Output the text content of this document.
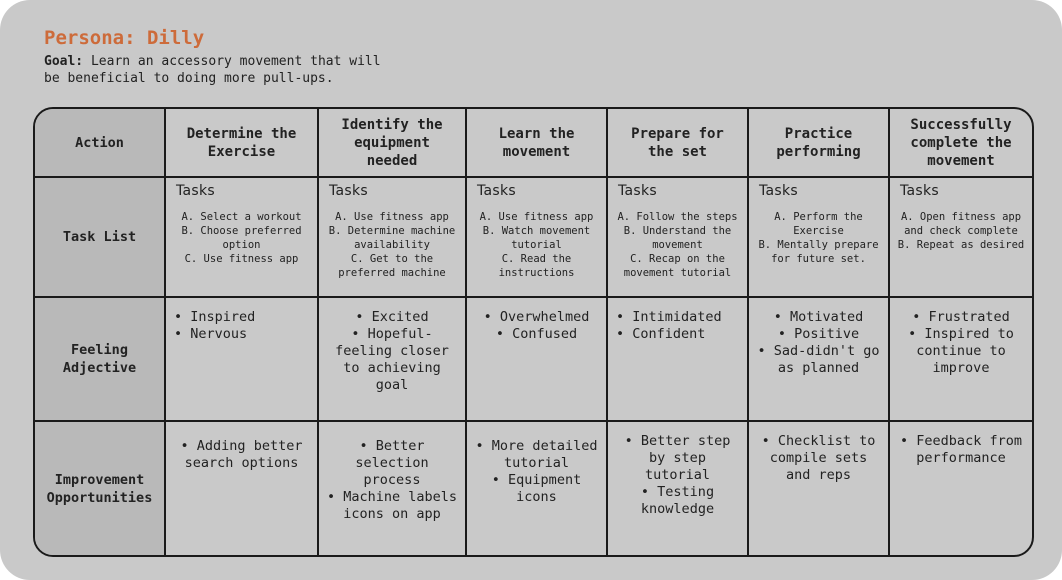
Persona: Dilly
Goal: Learn an accessory movement that will be beneficial to doing more pull-ups.
Action
Determine the Exercise
Identify the equipment needed
Learn the movement
Prepare for the set
Practice performing
Successfully complete the movement
Task List
Tasks
A. Select a workout
B. Choose preferred option
C. Use fitness app
Tasks
A. Use fitness app
B. Determine machine availability
C. Get to the preferred machine
Tasks
A. Use fitness app
B. Watch movement tutorial
C. Read the instructions
Tasks
A. Follow the steps
B. Understand the movement
C. Recap on the movement tutorial
Tasks
A. Perform the Exercise
B. Mentally prepare for future set.
Tasks
A. Open fitness app and check complete
B. Repeat as desired
Feeling Adjective
• Inspired
• Nervous
• Excited
• Hopeful-feeling closer to achieving goal
• Overwhelmed
• Confused
• Intimidated
• Confident
• Motivated
• Positive
• Sad-didn't go as planned
• Frustrated
• Inspired to continue to improve
Improvement Opportunities
• Adding better search options
• Better selection process
• Machine labels icons on app
• More detailed tutorial
• Equipment icons
• Better step by step tutorial
• Testing knowledge
• Checklist to compile sets and reps
• Feedback from performance
